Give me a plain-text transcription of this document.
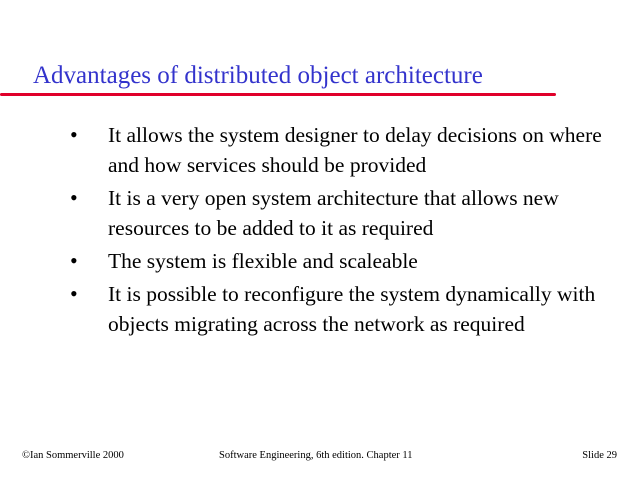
Advantages of distributed object architecture
• It allows the system designer to delay decisions on where and how services should be provided
• It is a very open system architecture that allows new resources to be added to it as required
• The system is flexible and scaleable
• It is possible to reconfigure the system dynamically with objects migrating across the network as required
©Ian Sommerville 2000	Software Engineering, 6th edition. Chapter 11	Slide 29
